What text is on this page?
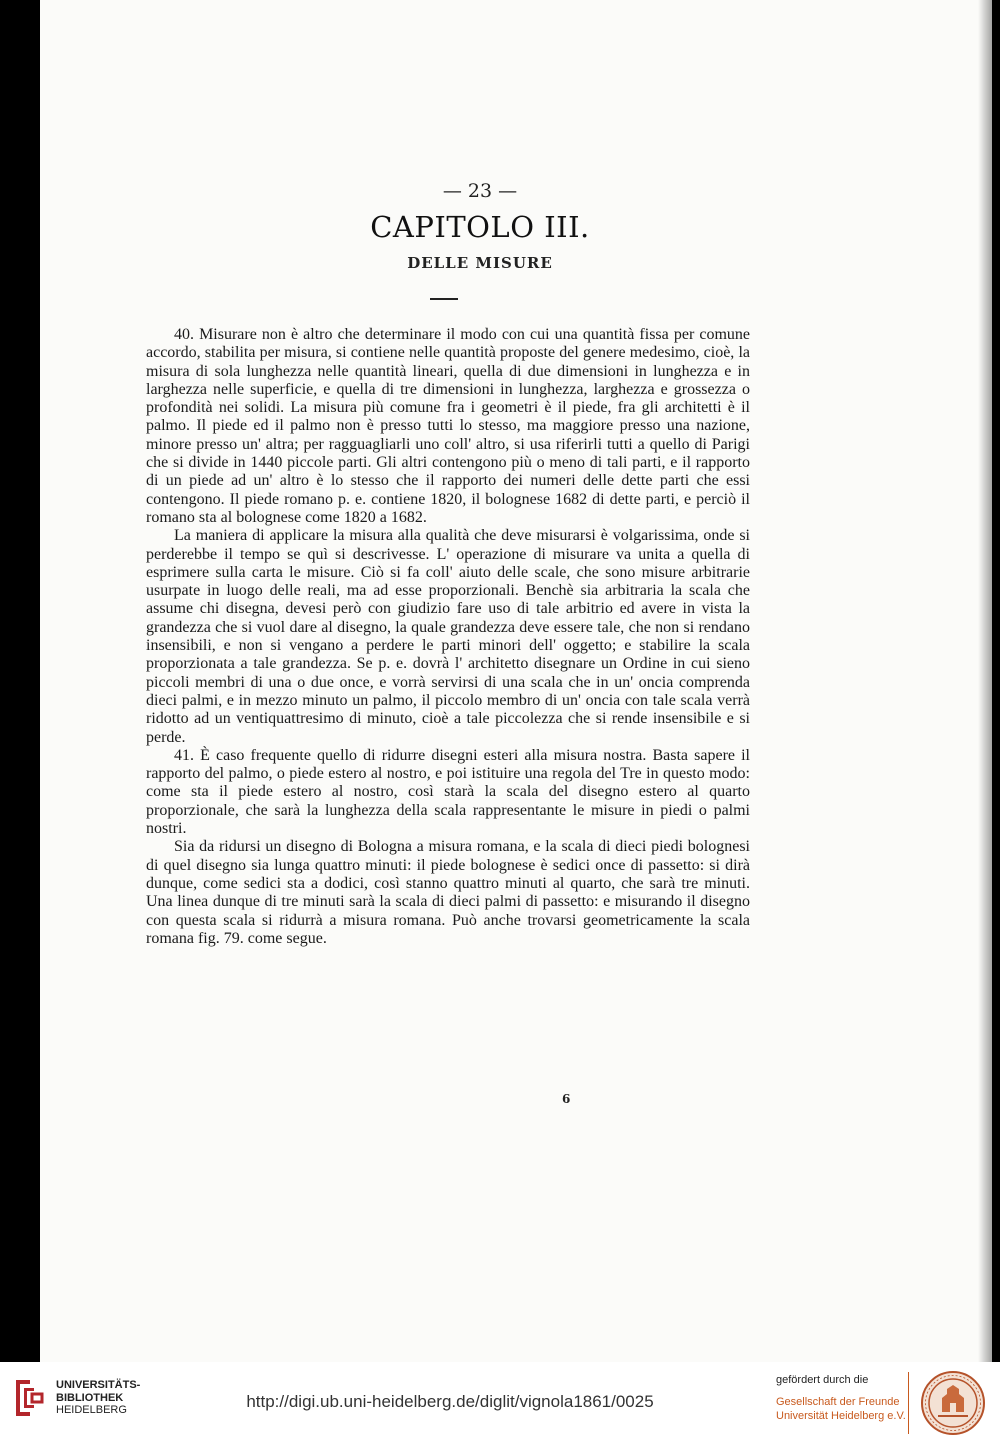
— 23 —
CAPITOLO III.
DELLE MISURE

40. Misurare non è altro che determinare il modo con cui una quantità fissa per comune accordo, stabilita per misura, si contiene nelle quantità proposte del genere medesimo, cioè, la misura di sola lunghezza nelle quantità lineari, quella di due dimensioni in lunghezza e in larghezza nelle superficie, e quella di tre dimensioni in lunghezza, larghezza e grossezza o profondità nei solidi. La misura più comune fra i geometri è il piede, fra gli architetti è il palmo. Il piede ed il palmo non è presso tutti lo stesso, ma maggiore presso una nazione, minore presso un' altra; per ragguagliarli uno coll' altro, si usa riferirli tutti a quello di Parigi che si divide in 1440 piccole parti. Gli altri contengono più o meno di tali parti, e il rapporto di un piede ad un' altro è lo stesso che il rapporto dei numeri delle dette parti che essi contengono. Il piede romano p. e. contiene 1820, il bolognese 1682 di dette parti, e perciò il romano sta al bolognese come 1820 a 1682.

La maniera di applicare la misura alla qualità che deve misurarsi è volgarissima, onde si perderebbe il tempo se quì si descrivesse. L' operazione di misurare va unita a quella di esprimere sulla carta le misure. Ciò si fa coll' aiuto delle scale, che sono misure arbitrarie usurpate in luogo delle reali, ma ad esse proporzionali. Benchè sia arbitraria la scala che assume chi disegna, devesi però con giudizio fare uso di tale arbitrio ed avere in vista la grandezza che si vuol dare al disegno, la quale grandezza deve essere tale, che non si rendano insensibili, e non si vengano a perdere le parti minori dell' oggetto; e stabilire la scala proporzionata a tale grandezza. Se p. e. dovrà l' architetto disegnare un Ordine in cui sieno piccoli membri di una o due once, e vorrà servirsi di una scala che in un' oncia comprenda dieci palmi, e in mezzo minuto un palmo, il piccolo membro di un' oncia con tale scala verrà ridotto ad un ventiquattresimo di minuto, cioè a tale piccolezza che si rende insensibile e si perde.

41. È caso frequente quello di ridurre disegni esteri alla misura nostra. Basta sapere il rapporto del palmo, o piede estero al nostro, e poi istituire una regola del Tre in questo modo: come sta il piede estero al nostro, così starà la scala del disegno estero al quarto proporzionale, che sarà la lunghezza della scala rappresentante le misure in piedi o palmi nostri.

Sia da ridursi un disegno di Bologna a misura romana, e la scala di dieci piedi bolognesi di quel disegno sia lunga quattro minuti: il piede bolognese è sedici once di passetto: si dirà dunque, come sedici sta a dodici, così stanno quattro minuti al quarto, che sarà tre minuti. Una linea dunque di tre minuti sarà la scala di dieci palmi di passetto: e misurando il disegno con questa scala si ridurrà a misura romana. Può anche trovarsi geometricamente la scala romana fig. 79. come segue.

6
UNIVERSITÄTS-
BIBLIOTHEK
HEIDELBERG	http://digi.ub.uni-heidelberg.de/diglit/vignola1861/0025
gefördert durch die
Gesellschaft der Freunde
Universität Heidelberg e.V.
